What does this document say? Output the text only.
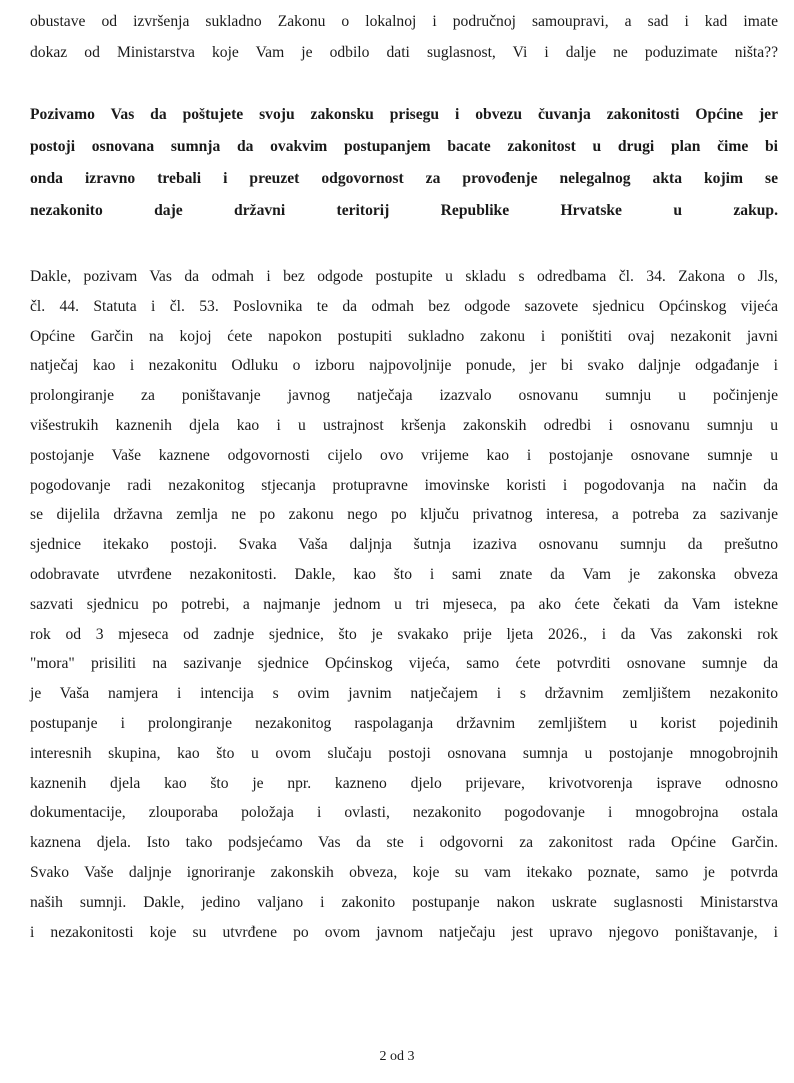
obustave od izvršenja sukladno Zakonu o lokalnoj i područnoj samoupravi, a sad i kad imate
dokaz od Ministarstva koje Vam je odbilo dati suglasnost, Vi i dalje ne poduzimate ništa??
Pozivamo Vas da poštujete svoju zakonsku prisegu i obvezu čuvanja zakonitosti Općine jer
postoji osnovana sumnja da ovakvim postupanjem bacate zakonitost u drugi plan čime bi
onda izravno trebali i preuzet odgovornost za provođenje nelegalnog akta kojim se
nezakonito daje državni teritorij Republike Hrvatske u zakup.
Dakle, pozivam Vas da odmah i bez odgode postupite u skladu s odredbama čl. 34. Zakona o Jls,
čl. 44. Statuta i čl. 53. Poslovnika te da odmah bez odgode sazovete sjednicu Općinskog vijeća
Općine Garčin na kojoj ćete napokon postupiti sukladno zakonu i poništiti ovaj nezakonit javni
natječaj kao i nezakonitu Odluku o izboru najpovoljnije ponude, jer bi svako daljnje odgađanje i
prolongiranje za poništavanje javnog natječaja izazvalo osnovanu sumnju u počinjenje
višestrukih kaznenih djela kao i u ustrajnost kršenja zakonskih odredbi i osnovanu sumnju u
postojanje Vaše kaznene odgovornosti cijelo ovo vrijeme kao i postojanje osnovane sumnje u
pogodovanje radi nezakonitog stjecanja protupravne imovinske koristi i pogodovanja na način da
se dijelila državna zemlja ne po zakonu nego po ključu privatnog interesa, a potreba za sazivanje
sjednice itekako postoji. Svaka Vaša daljnja šutnja izaziva osnovanu sumnju da prešutno
odobravate utvrđene nezakonitosti. Dakle, kao što i sami znate da Vam je zakonska obveza
sazvati sjednicu po potrebi, a najmanje jednom u tri mjeseca, pa ako ćete čekati da Vam istekne
rok od 3 mjeseca od zadnje sjednice, što je svakako prije ljeta 2026., i da Vas zakonski rok
"mora" prisiliti na sazivanje sjednice Općinskog vijeća, samo ćete potvrditi osnovane sumnje da
je Vaša namjera i intencija s ovim javnim natječajem i s državnim zemljištem nezakonito
postupanje i prolongiranje nezakonitog raspolaganja državnim zemljištem u korist pojedinih
interesnih skupina, kao što u ovom slučaju postoji osnovana sumnja u postojanje mnogobrojnih
kaznenih djela kao što je npr. kazneno djelo prijevare, krivotvorenja isprave odnosno
dokumentacije, zlouporaba položaja i ovlasti, nezakonito pogodovanje i mnogobrojna ostala
kaznena djela. Isto tako podsjećamo Vas da ste i odgovorni za zakonitost rada Općine Garčin.
Svako Vaše daljnje ignoriranje zakonskih obveza, koje su vam itekako poznate, samo je potvrda
naših sumnji. Dakle, jedino valjano i zakonito postupanje nakon uskrate suglasnosti Ministarstva
i nezakonitosti koje su utvrđene po ovom javnom natječaju jest upravo njegovo poništavanje, i
2 od 3
